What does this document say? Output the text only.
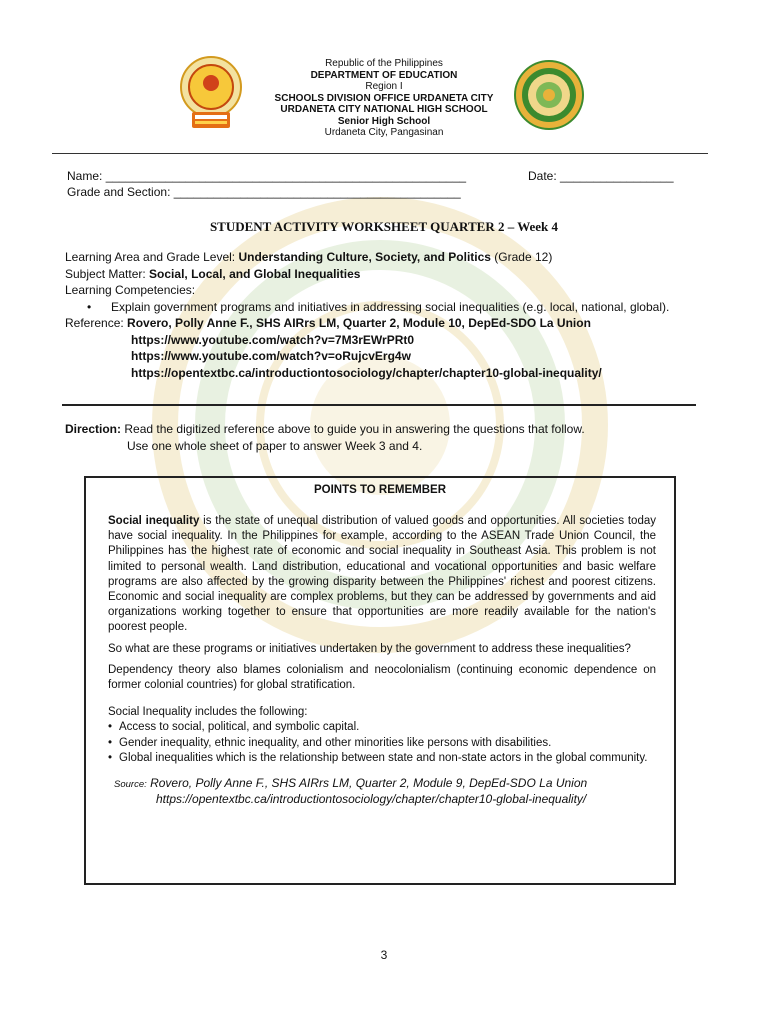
Republic of the Philippines
DEPARTMENT OF EDUCATION
Region I
SCHOOLS DIVISION OFFICE URDANETA CITY
URDANETA CITY NATIONAL HIGH SCHOOL
Senior High School
Urdaneta City, Pangasinan
Name: ______________________________________________________	Date: _________________
Grade and Section: ___________________________________________
STUDENT ACTIVITY WORKSHEET QUARTER 2 – Week 4
Learning Area and Grade Level: Understanding Culture, Society, and Politics (Grade 12)
Subject Matter: Social, Local, and Global Inequalities
Learning Competencies:
•	Explain government programs and initiatives in addressing social inequalities (e.g. local, national, global).
Reference: Rovero, Polly Anne F., SHS AIRrs LM, Quarter 2, Module 10, DepEd-SDO La Union
https://www.youtube.com/watch?v=7M3rEWrPRt0
https://www.youtube.com/watch?v=oRujcvErg4w
https://opentextbc.ca/introductiontosociology/chapter/chapter10-global-inequality/
Direction: Read the digitized reference above to guide you in answering the questions that follow.
Use one whole sheet of paper to answer Week 3 and 4.
POINTS TO REMEMBER

Social inequality is the state of unequal distribution of valued goods and opportunities. All societies today have social inequality. In the Philippines for example, according to the ASEAN Trade Union Council, the Philippines has the highest rate of economic and social inequality in Southeast Asia. This problem is not limited to personal wealth. Land distribution, educational and vocational opportunities and basic welfare programs are also affected by the growing disparity between the Philippines' richest and poorest citizens. Economic and social inequality are complex problems, but they can be addressed by governments and aid organizations working together to ensure that opportunities are more readily available for the nation's poorest people.

So what are these programs or initiatives undertaken by the government to address these inequalities?

Dependency theory also blames colonialism and neocolonialism (continuing economic dependence on former colonial countries) for global stratification.

Social Inequality includes the following:
• Access to social, political, and symbolic capital.
• Gender inequality, ethnic inequality, and other minorities like persons with disabilities.
• Global inequalities which is the relationship between state and non-state actors in the global community.
Source: Rovero, Polly Anne F., SHS AIRrs LM, Quarter 2, Module 9, DepEd-SDO La Union
https://opentextbc.ca/introductiontosociology/chapter/chapter10-global-inequality/
3
